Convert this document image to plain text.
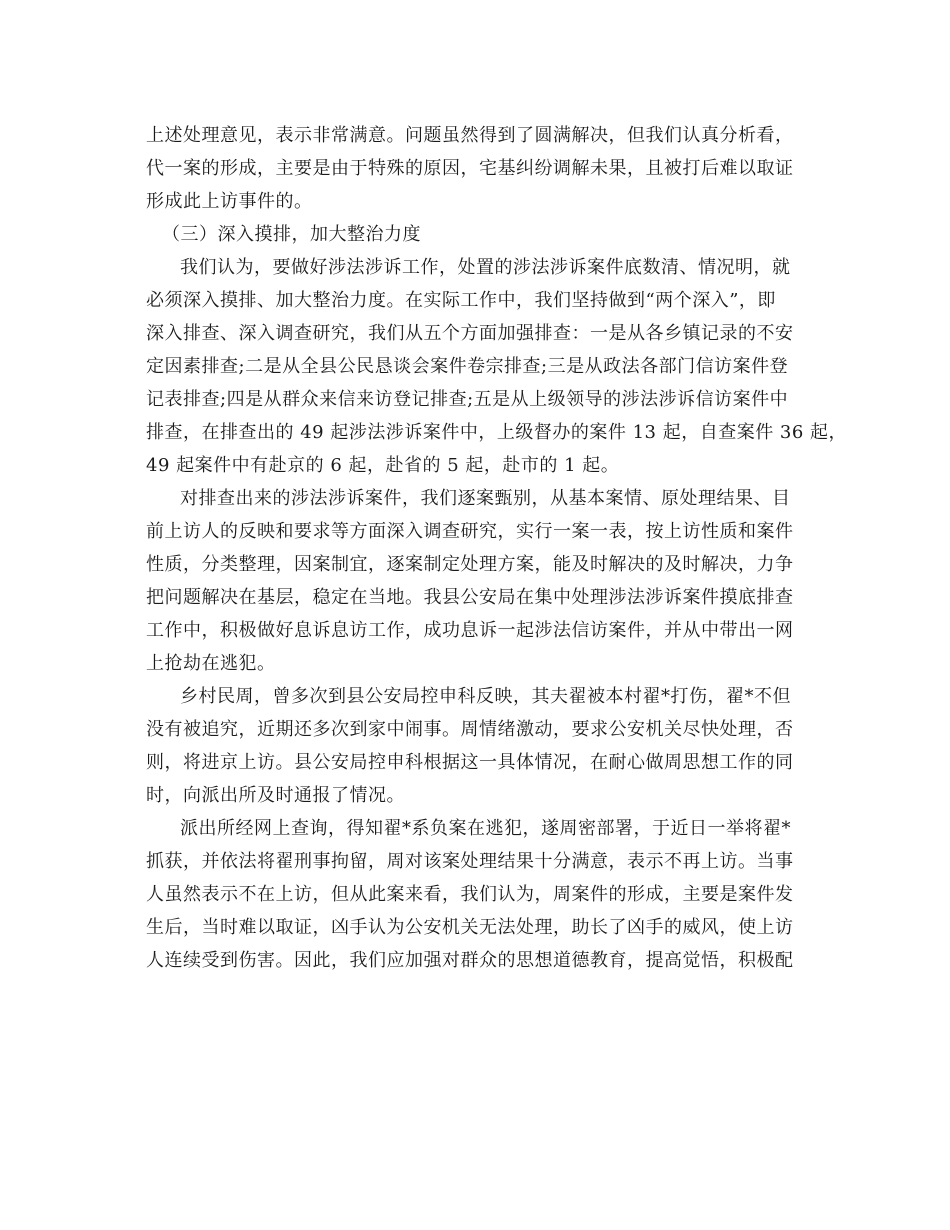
上述处理意见，表示非常满意。问题虽然得到了圆满解决，但我们认真分析看，
代一案的形成，主要是由于特殊的原因，宅基纠纷调解未果，且被打后难以取证
形成此上访事件的。
（三）深入摸排，加大整治力度
我们认为，要做好涉法涉诉工作，处置的涉法涉诉案件底数清、情况明，就
必须深入摸排、加大整治力度。在实际工作中，我们坚持做到“两个深入”，即
深入排查、深入调查研究，我们从五个方面加强排查：一是从各乡镇记录的不安
定因素排查;二是从全县公民恳谈会案件卷宗排查;三是从政法各部门信访案件登
记表排查;四是从群众来信来访登记排查;五是从上级领导的涉法涉诉信访案件中
排查，在排查出的 49 起涉法涉诉案件中，上级督办的案件 13 起，自查案件 36 起，
49 起案件中有赴京的 6 起，赴省的 5 起，赴市的 1 起。
对排查出来的涉法涉诉案件，我们逐案甄别，从基本案情、原处理结果、目
前上访人的反映和要求等方面深入调查研究，实行一案一表，按上访性质和案件
性质，分类整理，因案制宜，逐案制定处理方案，能及时解决的及时解决，力争
把问题解决在基层，稳定在当地。我县公安局在集中处理涉法涉诉案件摸底排查
工作中，积极做好息诉息访工作，成功息诉一起涉法信访案件，并从中带出一网
上抢劫在逃犯。
乡村民周，曾多次到县公安局控申科反映，其夫翟被本村翟*打伤，翟*不但
没有被追究，近期还多次到家中闹事。周情绪激动，要求公安机关尽快处理，否
则，将进京上访。县公安局控申科根据这一具体情况，在耐心做周思想工作的同
时，向派出所及时通报了情况。
派出所经网上查询，得知翟*系负案在逃犯，遂周密部署，于近日一举将翟*
抓获，并依法将翟刑事拘留，周对该案处理结果十分满意，表示不再上访。当事
人虽然表示不在上访，但从此案来看，我们认为，周案件的形成，主要是案件发
生后，当时难以取证，凶手认为公安机关无法处理，助长了凶手的威风，使上访
人连续受到伤害。因此，我们应加强对群众的思想道德教育，提高觉悟，积极配
